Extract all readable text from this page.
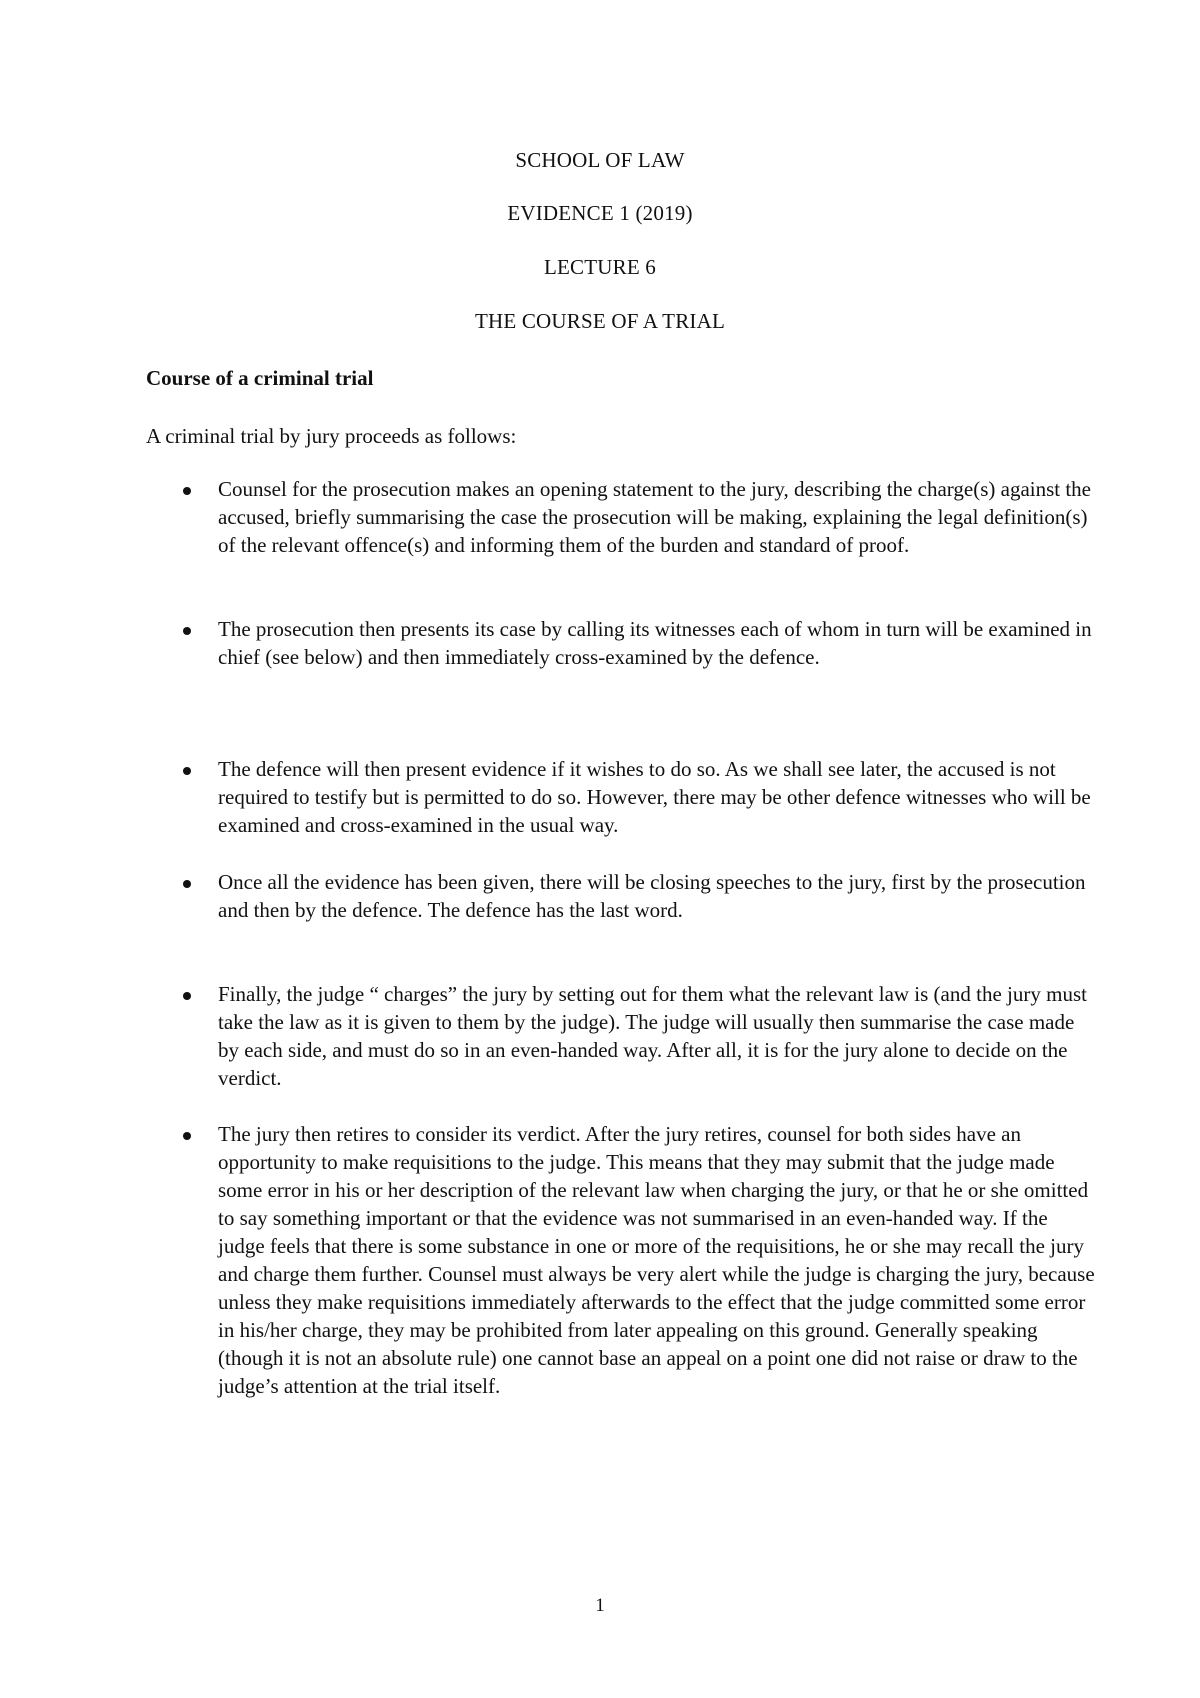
SCHOOL OF LAW
EVIDENCE 1 (2019)
LECTURE 6
THE COURSE OF A TRIAL
Course of a criminal trial
A criminal trial by jury proceeds as follows:
Counsel for the prosecution makes an opening statement to the jury, describing the charge(s) against the accused, briefly summarising the case the prosecution will be making, explaining the legal definition(s) of the relevant offence(s) and informing them of the burden and standard of proof.
The prosecution then presents its case by calling its witnesses each of whom in turn will be examined in chief (see below) and then immediately cross-examined by the defence.
The defence will then present evidence if it wishes to do so. As we shall see later, the accused is not required to testify but is permitted to do so. However, there may be other defence witnesses who will be examined and cross-examined in the usual way.
Once all the evidence has been given, there will be closing speeches to the jury, first by the prosecution and then by the defence. The defence has the last word.
Finally, the judge “ charges” the jury by setting out for them what the relevant law is (and the jury must take the law as it is given to them by the judge). The judge will usually then summarise the case made by each side, and must do so in an even-handed way. After all, it is for the jury alone to decide on the verdict.
The jury then retires to consider its verdict. After the jury retires, counsel for both sides have an opportunity to make requisitions to the judge. This means that they may submit that the judge made some error in his or her description of the relevant law when charging the jury, or that he or she omitted to say something important or that the evidence was not summarised in an even-handed way. If the judge feels that there is some substance in one or more of the requisitions, he or she may recall the jury and charge them further. Counsel must always be very alert while the judge is charging the jury, because unless they make requisitions immediately afterwards to the effect that the judge committed some error in his/her charge, they may be prohibited from later appealing on this ground. Generally speaking (though it is not an absolute rule) one cannot base an appeal on a point one did not raise or draw to the judge’s attention at the trial itself.
1
